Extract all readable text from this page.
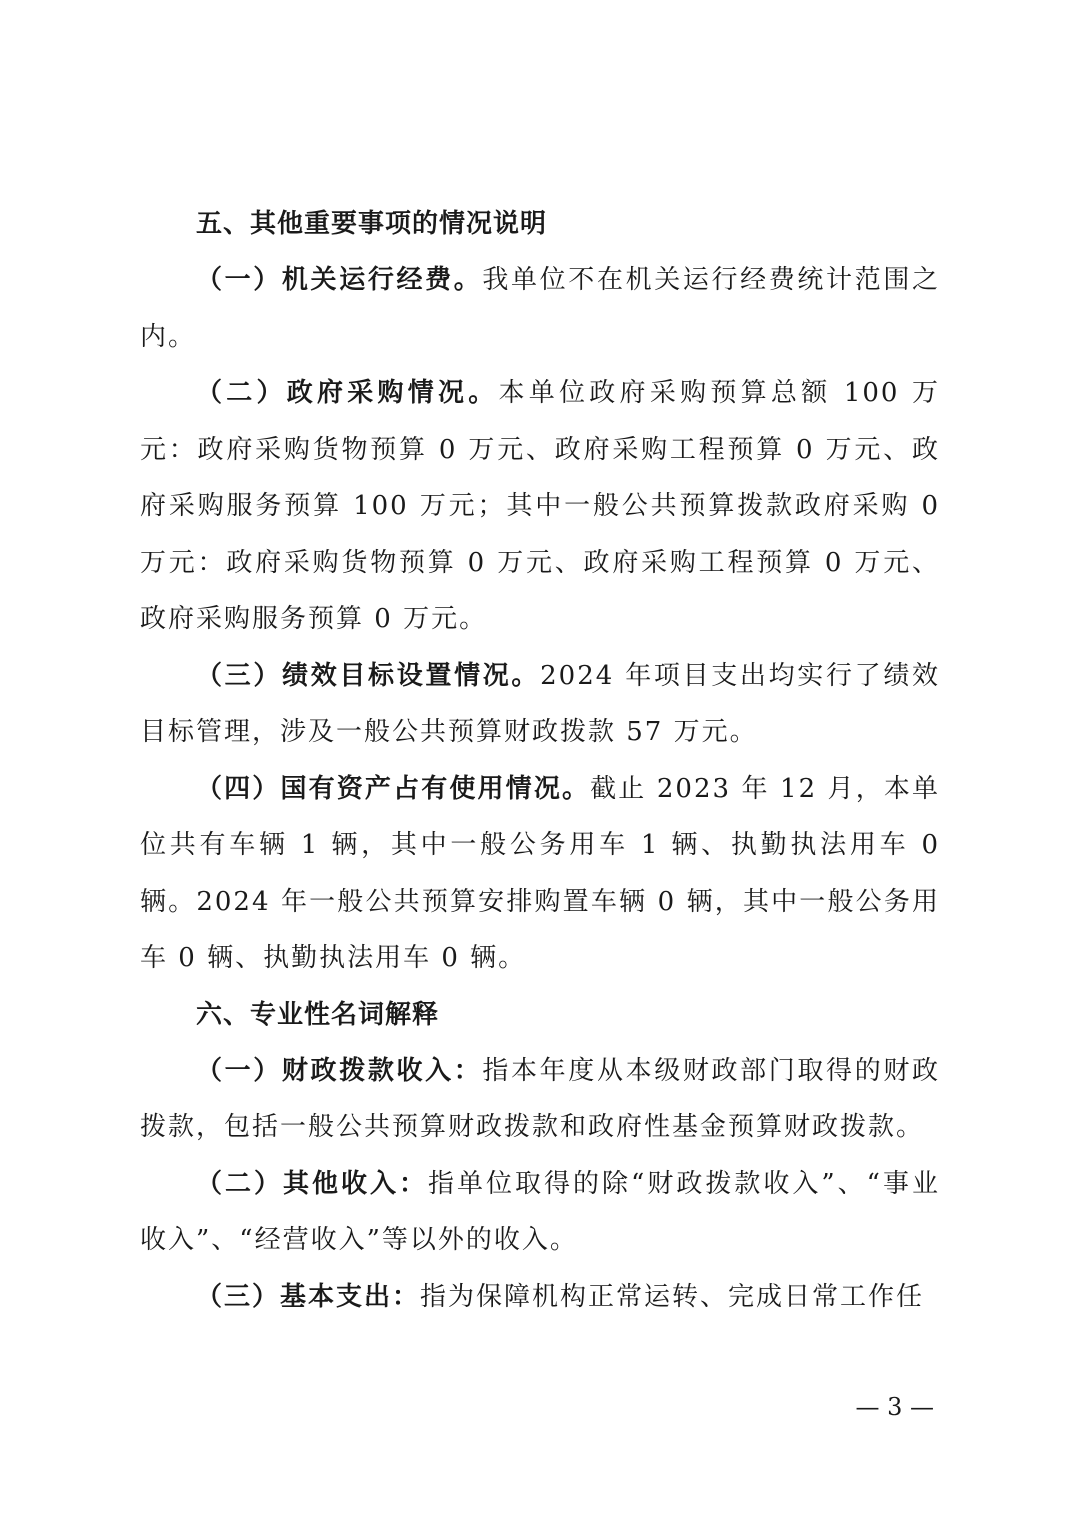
五、其他重要事项的情况说明

（一）机关运行经费。我单位不在机关运行经费统计范围之内。

（二）政府采购情况。本单位政府采购预算总额 100 万元：政府采购货物预算 0 万元、政府采购工程预算 0 万元、政府采购服务预算 100 万元；其中一般公共预算拨款政府采购 0 万元：政府采购货物预算 0 万元、政府采购工程预算 0 万元、政府采购服务预算 0 万元。

（三）绩效目标设置情况。2024 年项目支出均实行了绩效目标管理，涉及一般公共预算财政拨款 57 万元。

（四）国有资产占有使用情况。截止 2023 年 12 月，本单位共有车辆 1 辆，其中一般公务用车 1 辆、执勤执法用车 0 辆。2024 年一般公共预算安排购置车辆 0 辆，其中一般公务用车 0 辆、执勤执法用车 0 辆。

六、专业性名词解释

（一）财政拨款收入：指本年度从本级财政部门取得的财政拨款，包括一般公共预算财政拨款和政府性基金预算财政拨款。

（二）其他收入：指单位取得的除“财政拨款收入”、“事业收入”、“经营收入”等以外的收入。

（三）基本支出：指为保障机构正常运转、完成日常工作任

— 3 —
